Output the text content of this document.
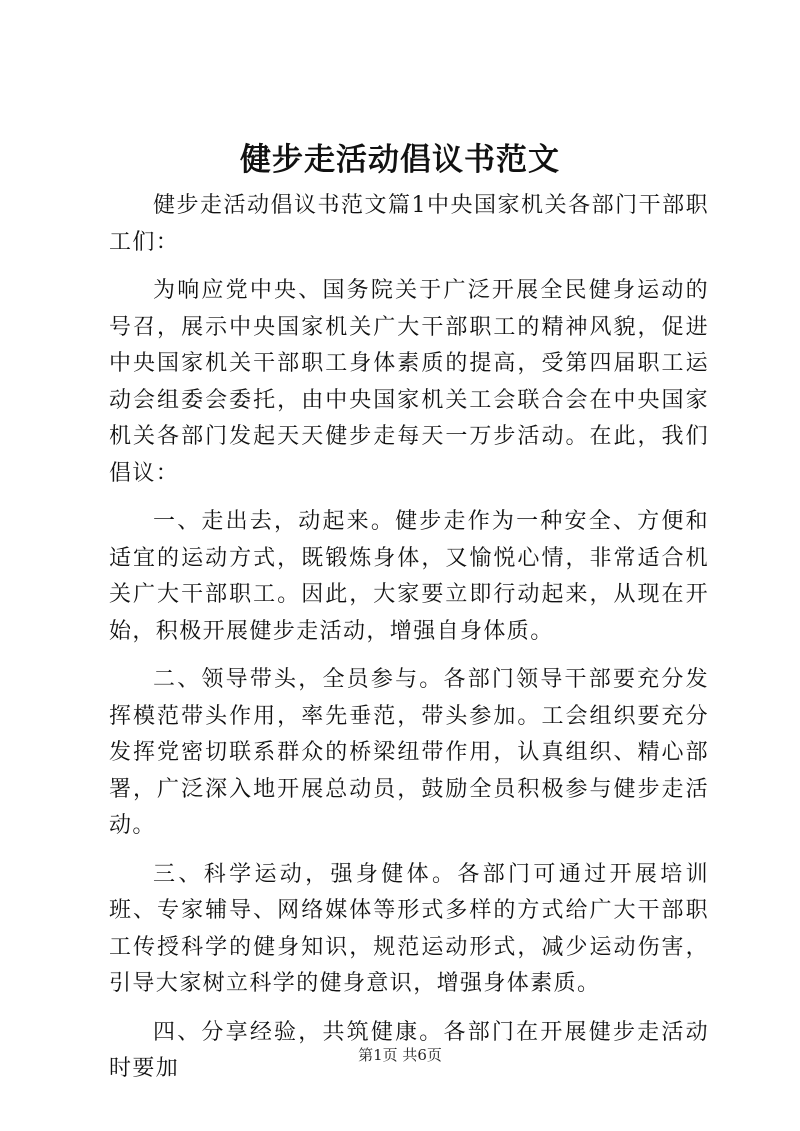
健步走活动倡议书范文

健步走活动倡议书范文篇1中央国家机关各部门干部职工们：

为响应党中央、国务院关于广泛开展全民健身运动的号召，展示中央国家机关广大干部职工的精神风貌，促进中央国家机关干部职工身体素质的提高，受第四届职工运动会组委会委托，由中央国家机关工会联合会在中央国家机关各部门发起天天健步走每天一万步活动。在此，我们倡议：

一、走出去，动起来。健步走作为一种安全、方便和适宜的运动方式，既锻炼身体，又愉悦心情，非常适合机关广大干部职工。因此，大家要立即行动起来，从现在开始，积极开展健步走活动，增强自身体质。

二、领导带头，全员参与。各部门领导干部要充分发挥模范带头作用，率先垂范，带头参加。工会组织要充分发挥党密切联系群众的桥梁纽带作用，认真组织、精心部署，广泛深入地开展总动员，鼓励全员积极参与健步走活动。

三、科学运动，强身健体。各部门可通过开展培训班、专家辅导、网络媒体等形式多样的方式给广大干部职工传授科学的健身知识，规范运动形式，减少运动伤害，引导大家树立科学的健身意识，增强身体素质。

四、分享经验，共筑健康。各部门在开展健步走活动时要加

第1页 共6页
